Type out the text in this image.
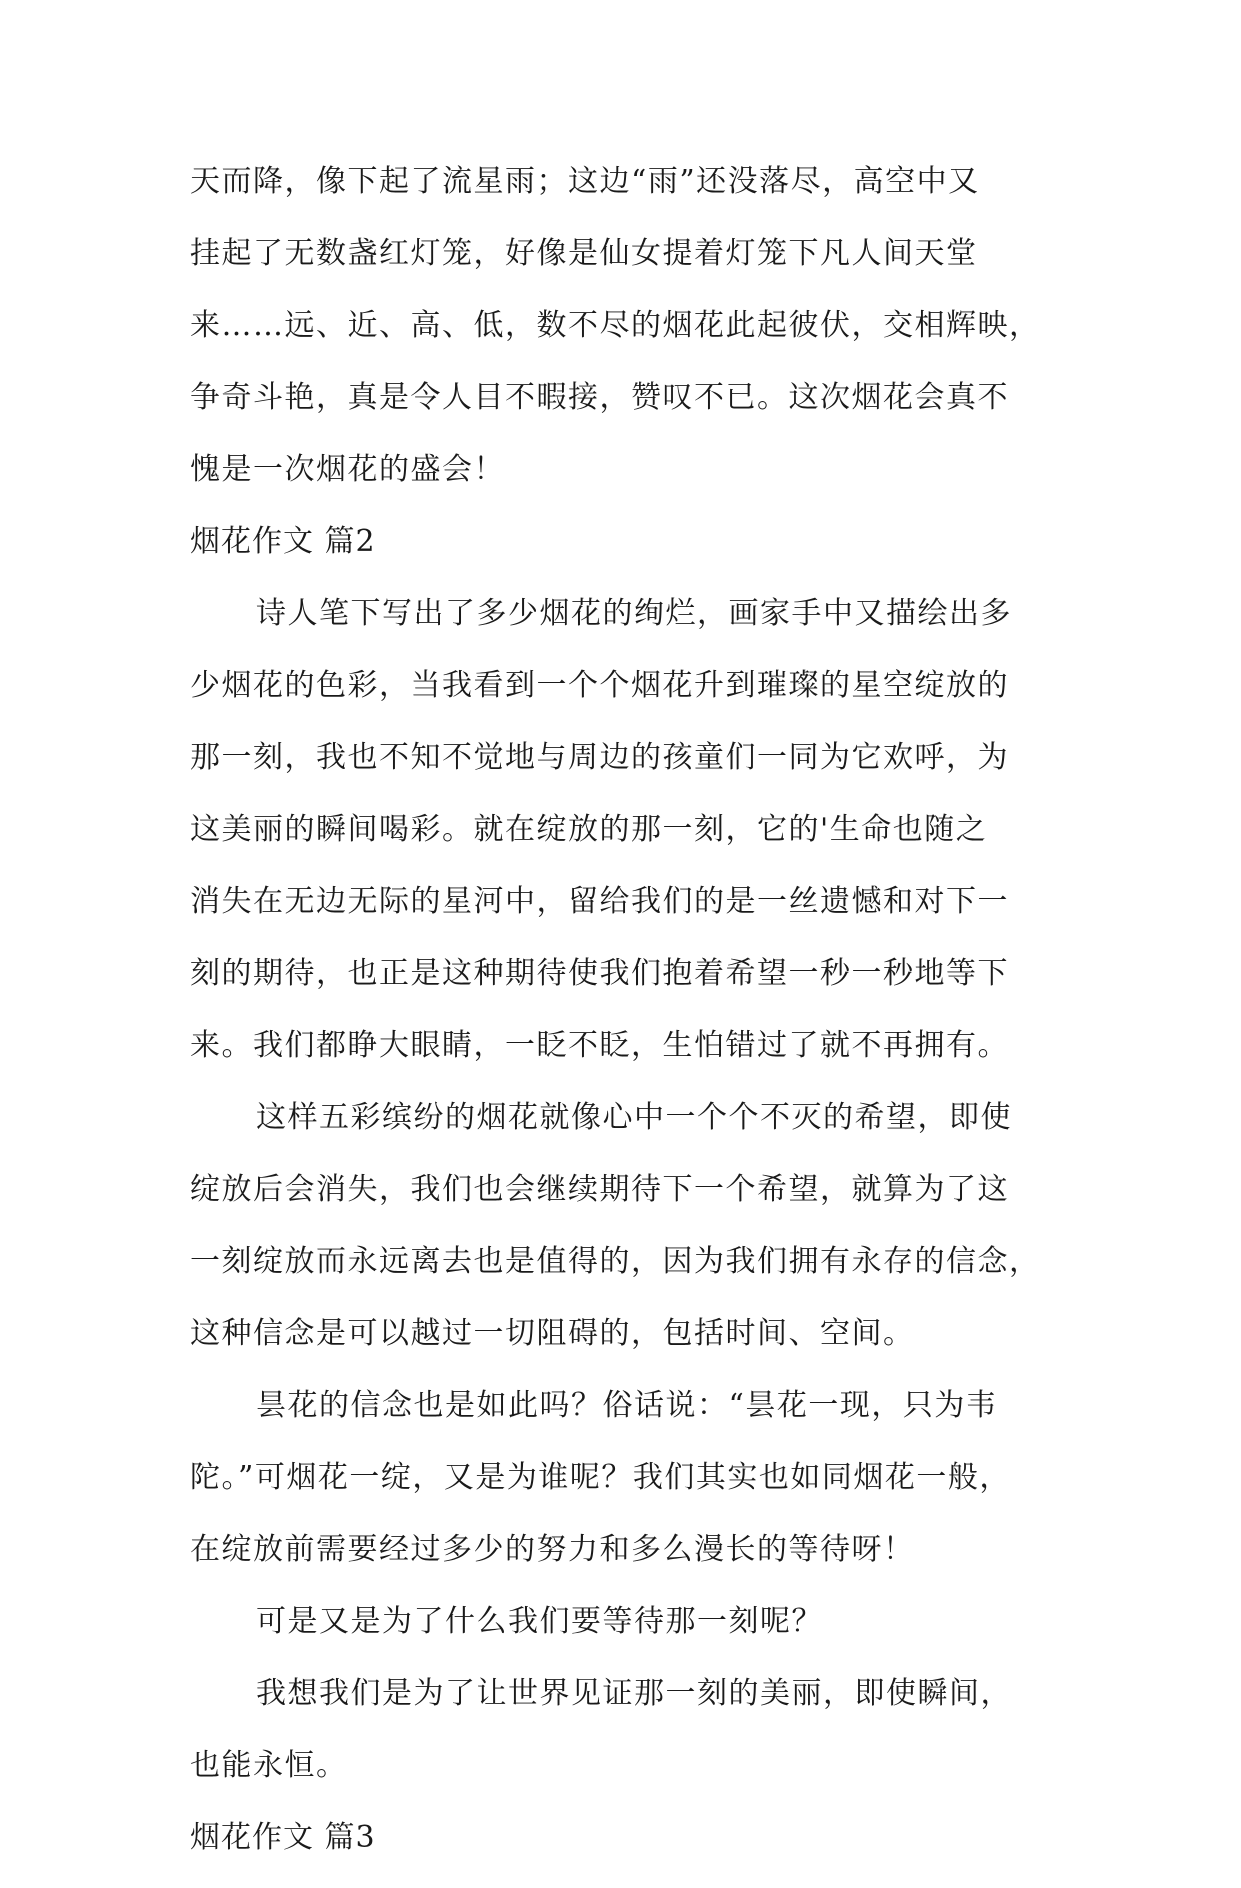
天而降，像下起了流星雨；这边“雨”还没落尽，高空中又
挂起了无数盏红灯笼，好像是仙女提着灯笼下凡人间天堂
来……远、近、高、低，数不尽的烟花此起彼伏，交相辉映，
争奇斗艳，真是令人目不暇接，赞叹不已。这次烟花会真不
愧是一次烟花的盛会！
烟花作文 篇2
诗人笔下写出了多少烟花的绚烂，画家手中又描绘出多
少烟花的色彩，当我看到一个个烟花升到璀璨的星空绽放的
那一刻，我也不知不觉地与周边的孩童们一同为它欢呼，为
这美丽的瞬间喝彩。就在绽放的那一刻，它的'生命也随之
消失在无边无际的星河中，留给我们的是一丝遗憾和对下一
刻的期待，也正是这种期待使我们抱着希望一秒一秒地等下
来。我们都睁大眼睛，一眨不眨，生怕错过了就不再拥有。
这样五彩缤纷的烟花就像心中一个个不灭的希望，即使
绽放后会消失，我们也会继续期待下一个希望，就算为了这
一刻绽放而永远离去也是值得的，因为我们拥有永存的信念，
这种信念是可以越过一切阻碍的，包括时间、空间。
昙花的信念也是如此吗？俗话说：“昙花一现，只为韦
陀。”可烟花一绽，又是为谁呢？我们其实也如同烟花一般，
在绽放前需要经过多少的努力和多么漫长的等待呀！
可是又是为了什么我们要等待那一刻呢？
我想我们是为了让世界见证那一刻的美丽，即使瞬间，
也能永恒。
烟花作文 篇3
